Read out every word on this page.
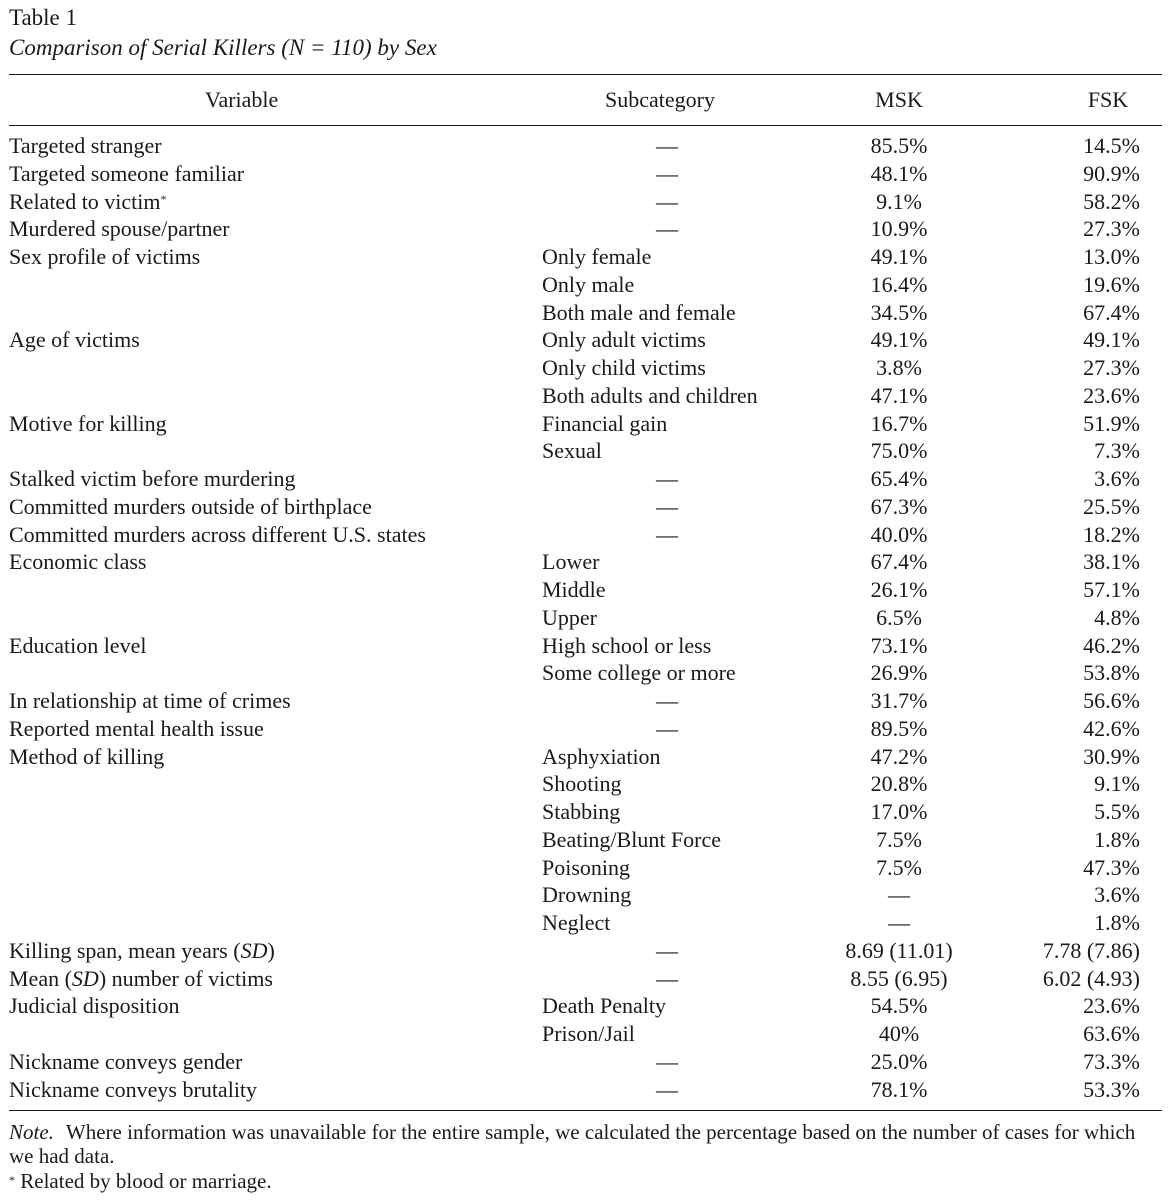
Table 1
Comparison of Serial Killers (N = 110) by Sex
Variable	Subcategory	MSK	FSK
Targeted stranger	—	85.5%	14.5%
Targeted someone familiar	—	48.1%	90.9%
Related to victim*	—	9.1%	58.2%
Murdered spouse/partner	—	10.9%	27.3%
Sex profile of victims	Only female	49.1%	13.0%
Only male	16.4%	19.6%
Both male and female	34.5%	67.4%
Age of victims	Only adult victims	49.1%	49.1%
Only child victims	3.8%	27.3%
Both adults and children	47.1%	23.6%
Motive for killing	Financial gain	16.7%	51.9%
Sexual	75.0%	7.3%
Stalked victim before murdering	—	65.4%	3.6%
Committed murders outside of birthplace	—	67.3%	25.5%
Committed murders across different U.S. states	—	40.0%	18.2%
Economic class	Lower	67.4%	38.1%
Middle	26.1%	57.1%
Upper	6.5%	4.8%
Education level	High school or less	73.1%	46.2%
Some college or more	26.9%	53.8%
In relationship at time of crimes	—	31.7%	56.6%
Reported mental health issue	—	89.5%	42.6%
Method of killing	Asphyxiation	47.2%	30.9%
Shooting	20.8%	9.1%
Stabbing	17.0%	5.5%
Beating/Blunt Force	7.5%	1.8%
Poisoning	7.5%	47.3%
Drowning	—	3.6%
Neglect	—	1.8%
Killing span, mean years (SD)	—	8.69 (11.01)	7.78 (7.86)
Mean (SD) number of victims	—	8.55 (6.95)	6.02 (4.93)
Judicial disposition	Death Penalty	54.5%	23.6%
Prison/Jail	40%	63.6%
Nickname conveys gender	—	25.0%	73.3%
Nickname conveys brutality	—	78.1%	53.3%
Note. Where information was unavailable for the entire sample, we calculated the percentage based on the number of cases for which we had data.
* Related by blood or marriage.
